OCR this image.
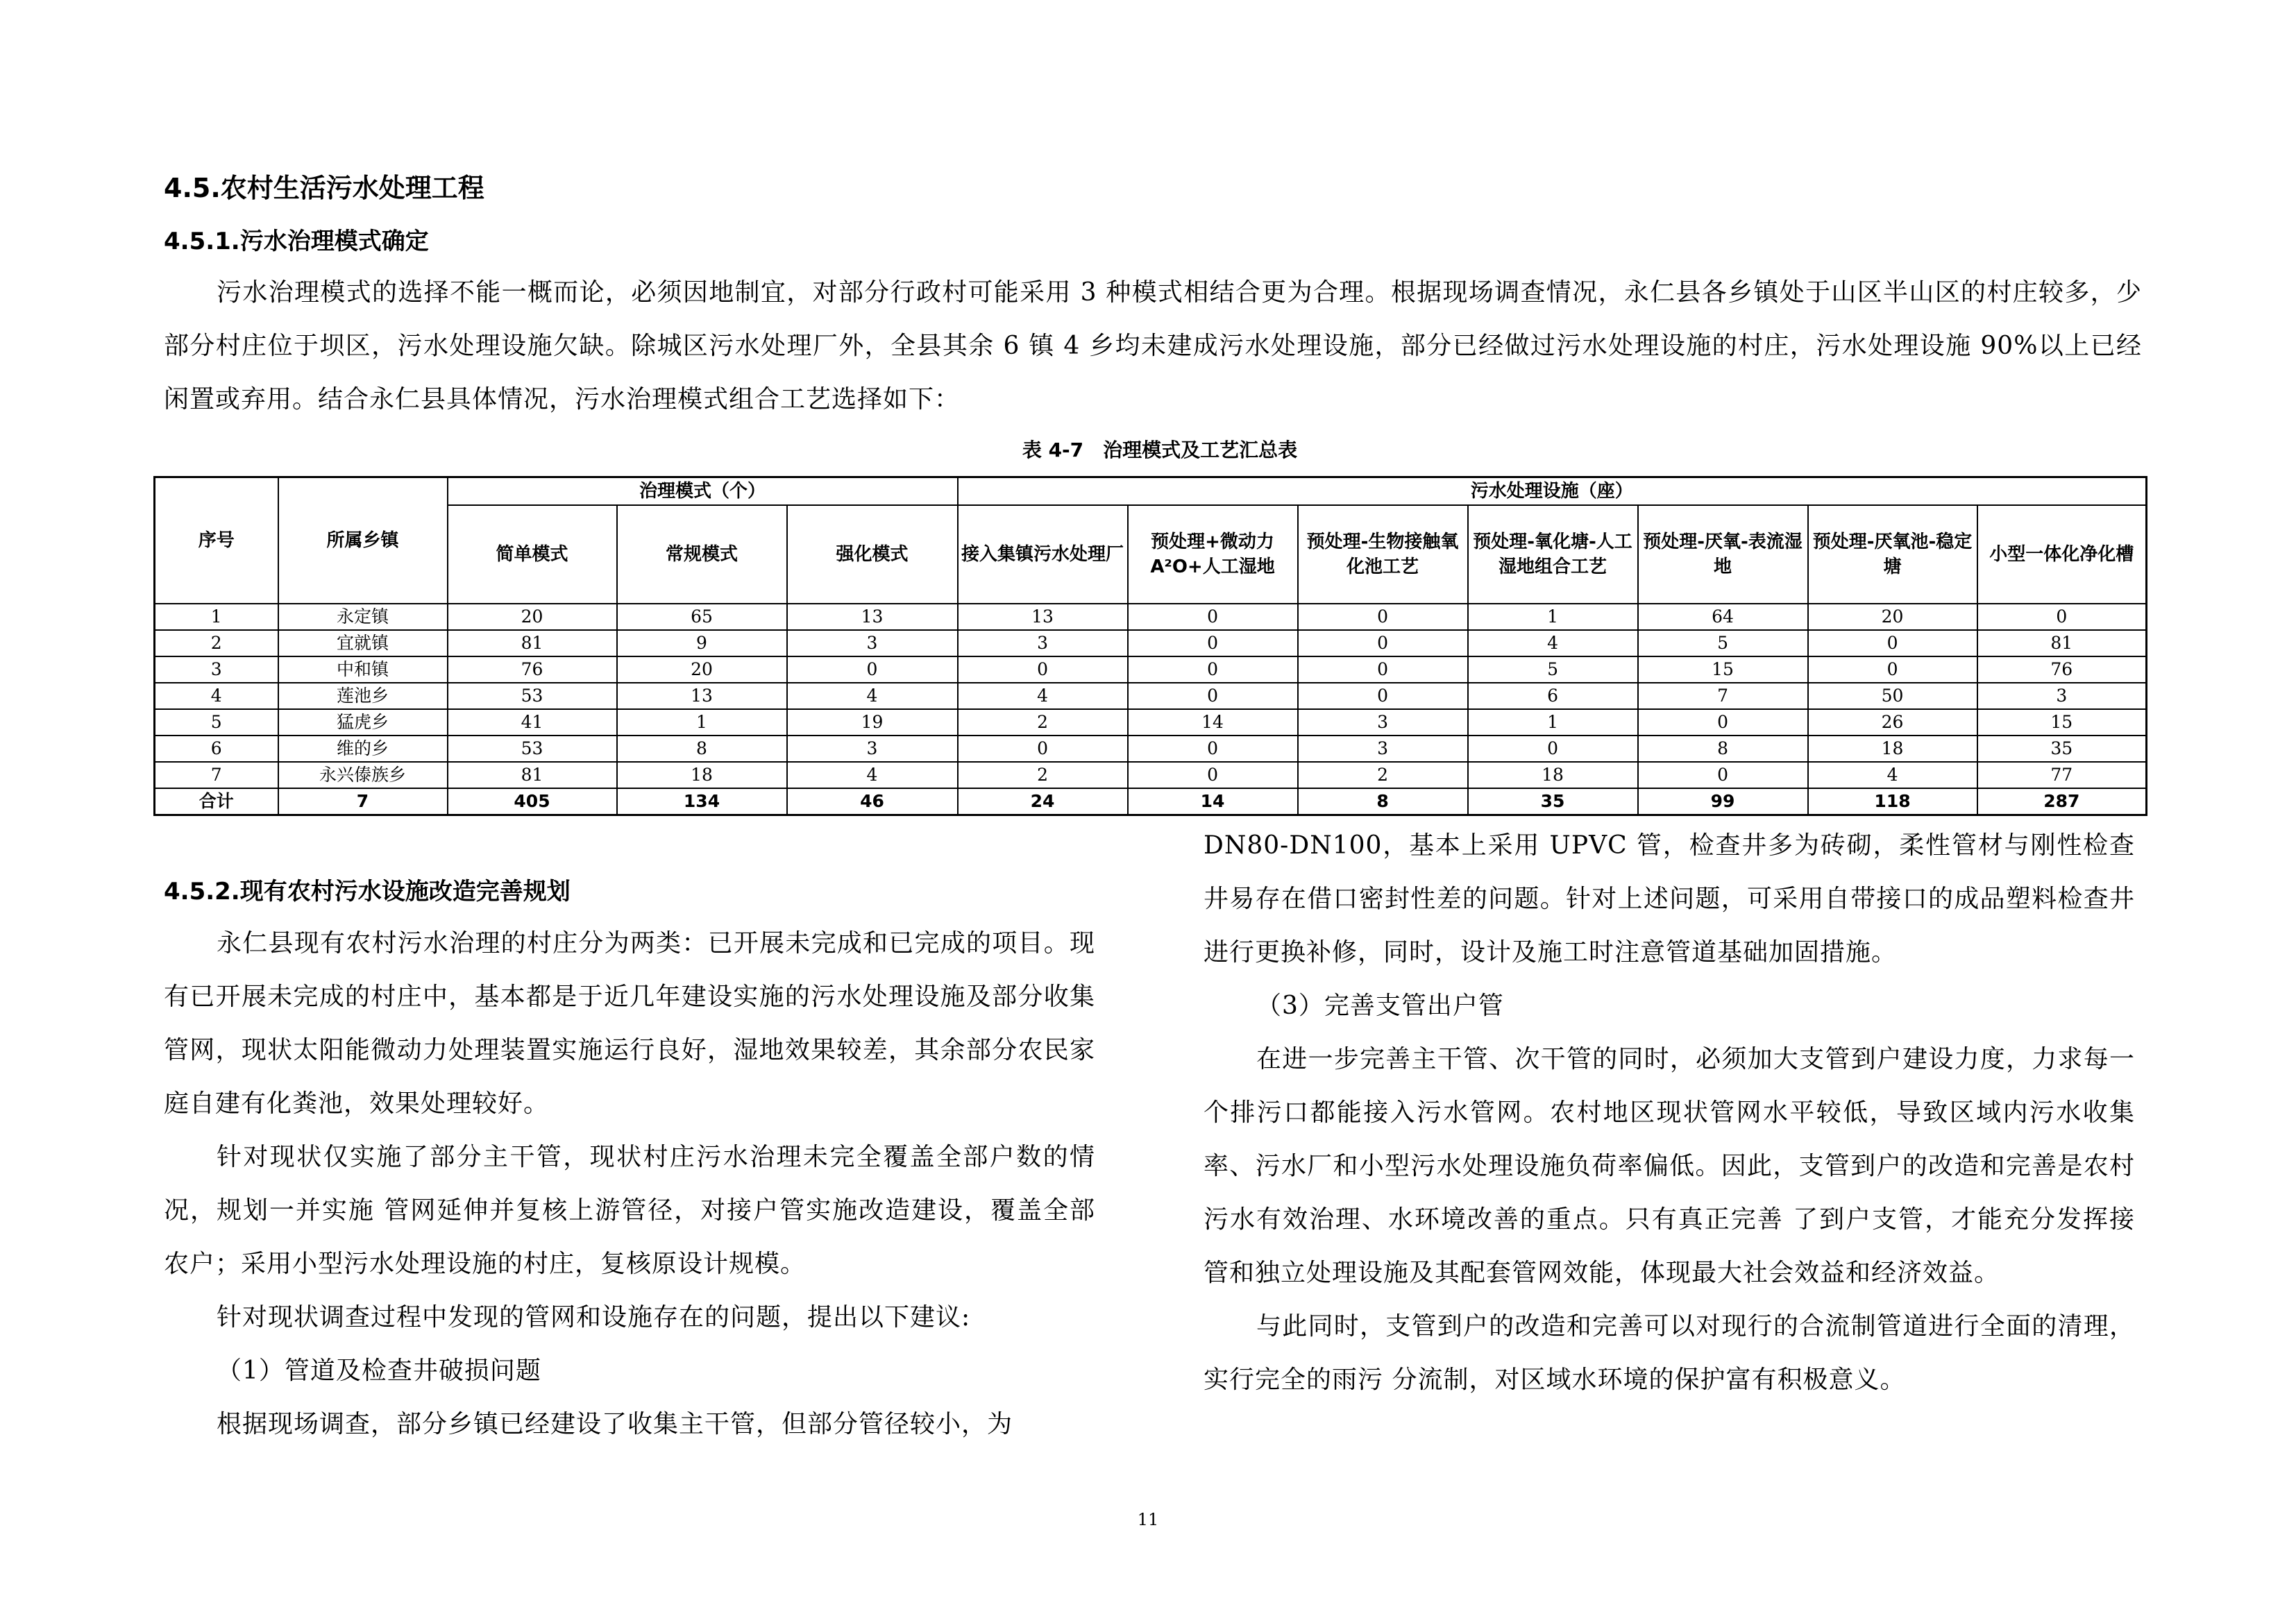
4.5.农村生活污水处理工程
4.5.1.污水治理模式确定

污水治理模式的选择不能一概而论，必须因地制宜，对部分行政村可能采用 3 种模式相结合更为合理。根据现场调查情况，永仁县各乡镇处于山区半山区的村庄较多，少部分村庄位于坝区，污水处理设施欠缺。除城区污水处理厂外，全县其余 6 镇 4 乡均未建成污水处理设施，部分已经做过污水处理设施的村庄，污水处理设施 90%以上已经闲置或弃用。结合永仁县具体情况，污水治理模式组合工艺选择如下：

表 4-7　治理模式及工艺汇总表
序号	所属乡镇	治理模式（个）			污水处理设施（座）						
		简单模式	常规模式	强化模式	接入集镇污水处理厂	预处理+微动力
A²O+人工湿地	预处理-生物接触氧化池工艺	预处理-氧化塘-人工湿地组合工艺	预处理-厌氧-表流湿地	预处理-厌氧池-稳定塘	小型一体化净化槽
1	永定镇	20	65	13	13	0	0	1	64	20	0
2	宜就镇	81	9	3	3	0	0	4	5	0	81
3	中和镇	76	20	0	0	0	0	5	15	0	76
4	莲池乡	53	13	4	4	0	0	6	7	50	3
5	猛虎乡	41	1	19	2	14	3	1	0	26	15
6	维的乡	53	8	3	0	0	3	0	8	18	35
7	永兴傣族乡	81	18	4	2	0	2	18	0	4	77
合计	7	405	134	46	24	14	8	35	99	118	287
4.5.2.现有农村污水设施改造完善规划

永仁县现有农村污水治理的村庄分为两类：已开展未完成和已完成的项目。现有已开展未完成的村庄中，基本都是于近几年建设实施的污水处理设施及部分收集管网，现状太阳能微动力处理装置实施运行良好，湿地效果较差，其余部分农民家庭自建有化粪池，效果处理较好。

针对现状仅实施了部分主干管，现状村庄污水治理未完全覆盖全部户数的情况，规划一并实施 管网延伸并复核上游管径，对接户管实施改造建设，覆盖全部农户；采用小型污水处理设施的村庄，复核原设计规模。

针对现状调查过程中发现的管网和设施存在的问题，提出以下建议:

（1）管道及检查井破损问题

根据现场调查，部分乡镇已经建设了收集主干管，但部分管径较小，为

DN80-DN100，基本上采用 UPVC 管，检查井多为砖砌，柔性管材与刚性检查井易存在借口密封性差的问题。针对上述问题，可采用自带接口的成品塑料检查井进行更换补修，同时，设计及施工时注意管道基础加固措施。

（3）完善支管出户管

在进一步完善主干管、次干管的同时，必须加大支管到户建设力度，力求每一个排污口都能接入污水管网。农村地区现状管网水平较低，导致区域内污水收集率、污水厂和小型污水处理设施负荷率偏低。因此，支管到户的改造和完善是农村污水有效治理、水环境改善的重点。只有真正完善 了到户支管，才能充分发挥接管和独立处理设施及其配套管网效能，体现最大社会效益和经济效益。

与此同时，支管到户的改造和完善可以对现行的合流制管道进行全面的清理，实行完全的雨污 分流制，对区域水环境的保护富有积极意义。

11
